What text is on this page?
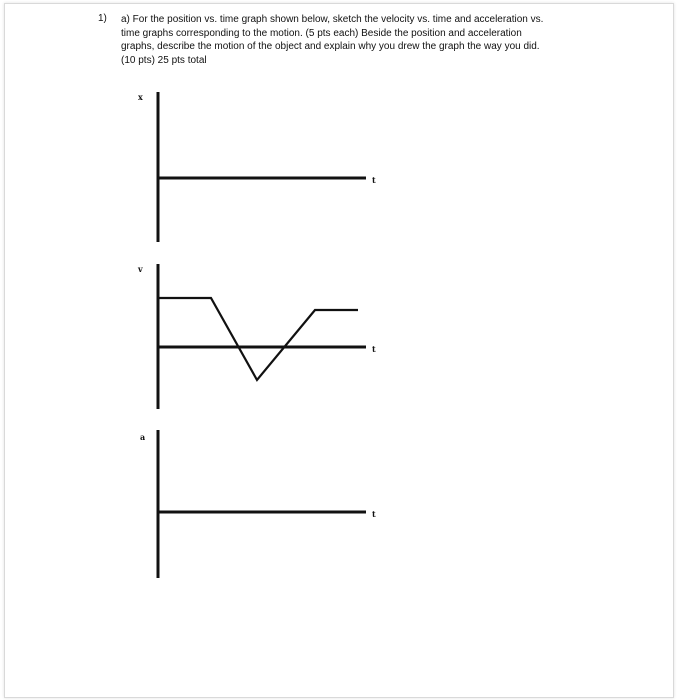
1) a) For the position vs. time graph shown below, sketch the velocity vs. time and acceleration vs.
time graphs corresponding to the motion. (5 pts each) Beside the position and acceleration
graphs, describe the motion of the object and explain why you drew the graph the way you did.
(10 pts) 25 pts total
x
t
v
t
a
t
